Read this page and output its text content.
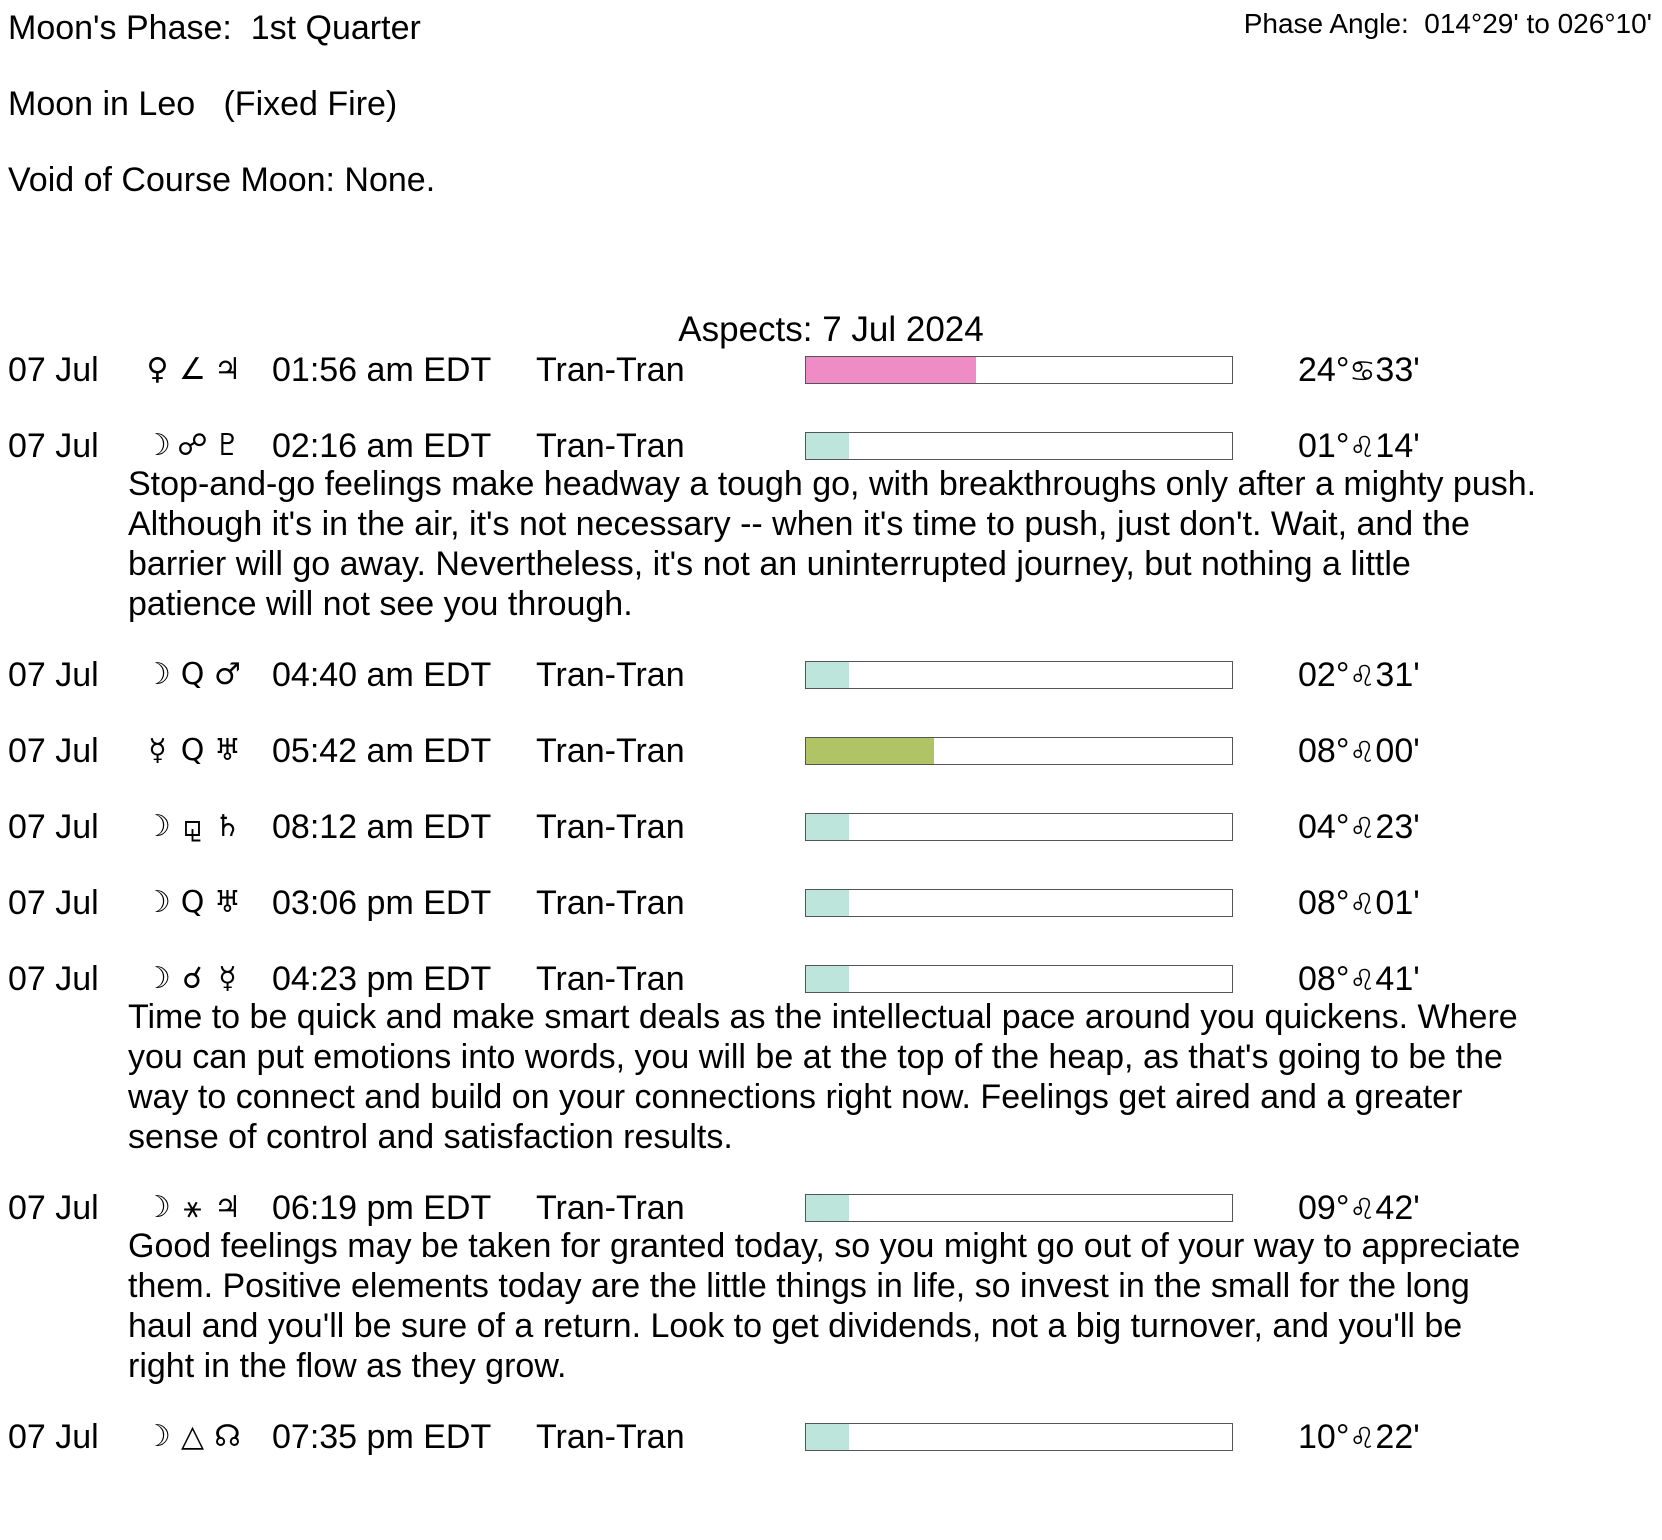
Moon's Phase:  1st Quarter	Phase Angle:  014°29' to 026°10'
Moon in Leo   (Fixed Fire)
Void of Course Moon: None.
Aspects: 7 Jul 2024
07 Jul ♀ ∠ ♃ 01:56 am EDT Tran-Tran	24°♋33'
07 Jul ☽ ☍ ♇ 02:16 am EDT Tran-Tran	01°♌14'
Stop-and-go feelings make headway a tough go, with breakthroughs only after a mighty push.
Although it's in the air, it's not necessary -- when it's time to push, just don't. Wait, and the
barrier will go away. Nevertheless, it's not an uninterrupted journey, but nothing a little
patience will not see you through.
07 Jul ☽ Q ♂ 04:40 am EDT Tran-Tran	02°♌31'
07 Jul ☿ Q ♅ 05:42 am EDT Tran-Tran	08°♌00'
07 Jul ☽ ⚼ ♄ 08:12 am EDT Tran-Tran	04°♌23'
07 Jul ☽ Q ♅ 03:06 pm EDT Tran-Tran	08°♌01'
07 Jul ☽ ☌ ☿ 04:23 pm EDT Tran-Tran	08°♌41'
Time to be quick and make smart deals as the intellectual pace around you quickens. Where
you can put emotions into words, you will be at the top of the heap, as that's going to be the
way to connect and build on your connections right now. Feelings get aired and a greater
sense of control and satisfaction results.
07 Jul ☽ ⚹ ♃ 06:19 pm EDT Tran-Tran	09°♌42'
Good feelings may be taken for granted today, so you might go out of your way to appreciate
them. Positive elements today are the little things in life, so invest in the small for the long
haul and you'll be sure of a return. Look to get dividends, not a big turnover, and you'll be
right in the flow as they grow.
07 Jul ☽ △ ☊ 07:35 pm EDT Tran-Tran	10°♌22'
